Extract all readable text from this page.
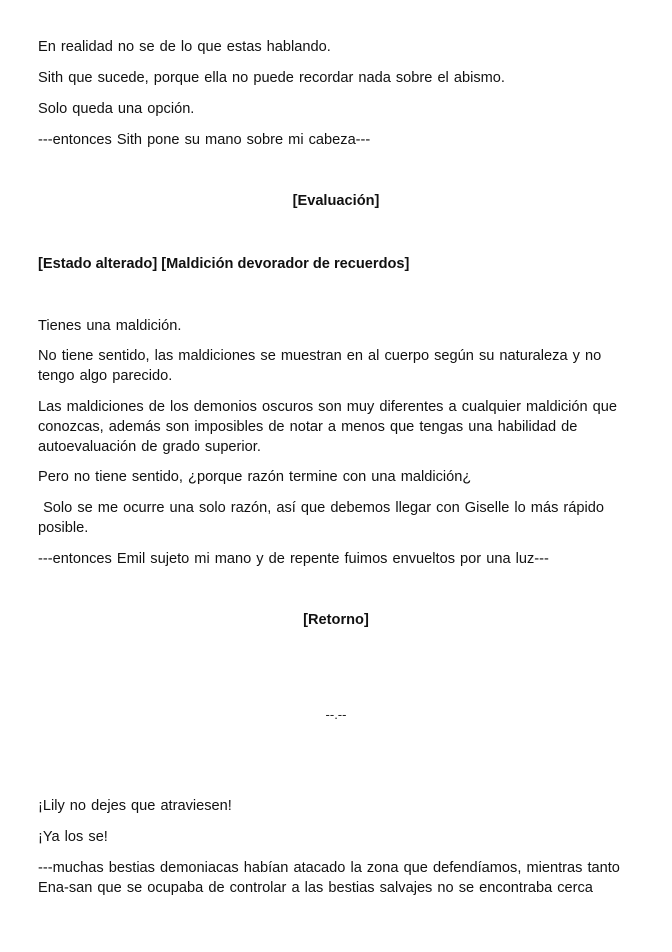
En realidad no se de lo que estas hablando.
Sith que sucede, porque ella no puede recordar nada sobre el abismo.
Solo queda una opción.
---entonces Sith pone su mano sobre mi cabeza---
[Evaluación]
[Estado alterado] [Maldición devorador de recuerdos]
Tienes una maldición.
No tiene sentido, las maldiciones se muestran en al cuerpo según su naturaleza y no tengo algo parecido.
Las maldiciones de los demonios oscuros son muy diferentes a cualquier maldición que conozcas, además son imposibles de notar a menos que tengas una habilidad de autoevaluación de grado superior.
Pero no tiene sentido, ¿porque razón termine con una maldición¿
Solo se me ocurre una solo razón, así que debemos llegar con Giselle lo más rápido posible.
---entonces Emil sujeto mi mano y de repente fuimos envueltos por una luz---
[Retorno]
--.--
¡Lily no dejes que atraviesen!
¡Ya los se!
---muchas bestias demoniacas habían atacado la zona que defendíamos, mientras tanto Ena-san que se ocupaba de controlar a las bestias salvajes no se encontraba cerca
